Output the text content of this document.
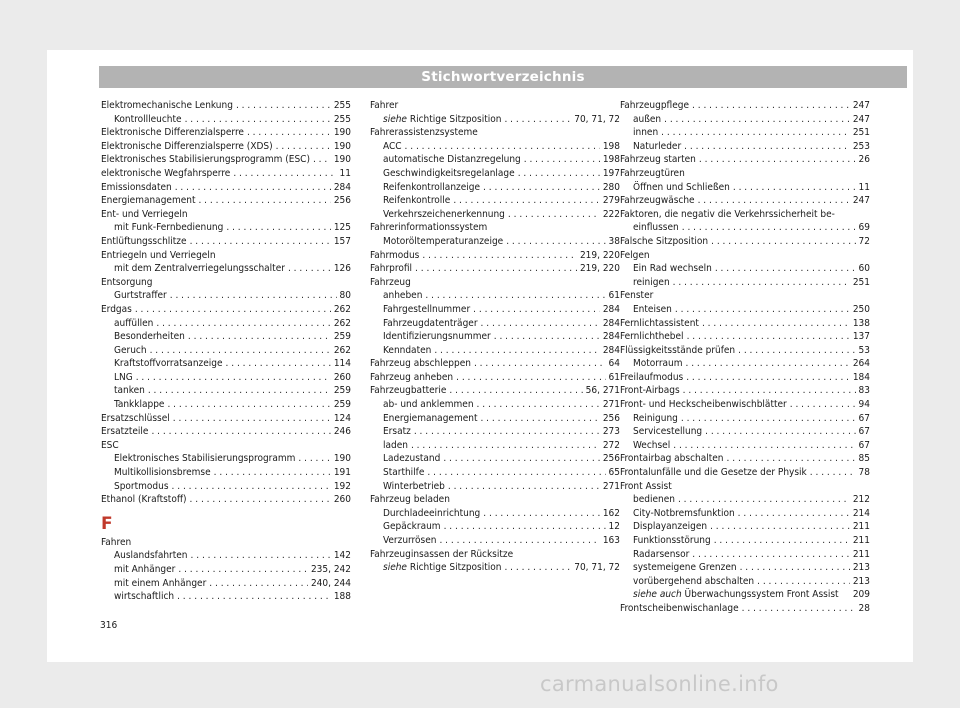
Stichwortverzeichnis
Elektromechanische Lenkung . . .	255
Kontrollleuchte . . .	255
Elektronische Differenzialsperre . . .	190
Elektronische Differenzialsperre (XDS) . . .	190
Elektronisches Stabilisierungsprogramm (ESC) . . . 190
elektronische Wegfahrsperre . . .	11
Emissionsdaten . . .	284
Energiemanagement . . .	256
Ent- und Verriegeln
mit Funk-Fernbedienung . . .	125
Entlüftungsschlitze . . .	157
Entriegeln und Verriegeln
mit dem Zentralverriegelungsschalter . . .	126
Entsorgung
Gurtstraffer . . .	80
Erdgas . . .	262
auffüllen . . .	262
Besonderheiten . . .	259
Geruch . . .	262
Kraftstoffvorratsanzeige . . .	114
LNG . . .	260
tanken . . .	259
Tankklappe . . .	259
Ersatzschlüssel . . .	124
Ersatzteile . . .	246
ESC
Elektronisches Stabilisierungsprogramm . . .	190
Multikollisionsbremse . . .	191
Sportmodus . . .	192
Ethanol (Kraftstoff) . . .	260
F
Fahren
Auslandsfahrten . . .	142
mit Anhänger . . .	235, 242
mit einem Anhänger . . .	240, 244
wirtschaftlich . . .	188
Fahrer
siehe Richtige Sitzposition . . .	70, 71, 72
Fahrerassistenzsysteme
ACC . . .	198
automatische Distanzregelung . . .	198
Geschwindigkeitsregelanlage . . .	197
Reifenkontrollanzeige . . .	280
Reifenkontrolle . . .	279
Verkehrszeichenerkennung . . .	222
Fahrerinformationssystem
Motoröltemperaturanzeige . . .	38
Fahrmodus . . .	219, 220
Fahrprofil . . .	219, 220
Fahrzeug
anheben . . .	61
Fahrgestellnummer . . .	284
Fahrzeugdatenträger . . .	284
Identifizierungsnummer . . .	284
Kenndaten . . .	284
Fahrzeug abschleppen . . .	64
Fahrzeug anheben . . .	61
Fahrzeugbatterie . . .	56, 271
ab- und anklemmen . . .	271
Energiemanagement . . .	256
Ersatz . . .	273
laden . . .	272
Ladezustand . . .	256
Starthilfe . . .	65
Winterbetrieb . . .	271
Fahrzeug beladen
Durchladeeinrichtung . . .	162
Gepäckraum . . .	12
Verzurrösen . . .	163
Fahrzeuginsassen der Rücksitze
siehe Richtige Sitzposition . . .	70, 71, 72
Fahrzeugpflege . . .	247
außen . . .	247
innen . . .	251
Naturleder . . .	253
Fahrzeug starten . . .	26
Fahrzeugtüren
Öffnen und Schließen . . .	11
Fahrzeugwäsche . . .	247
Faktoren, die negativ die Verkehrssicherheit be-
einflussen . . .	69
Falsche Sitzposition . . .	72
Felgen
Ein Rad wechseln . . .	60
reinigen . . .	251
Fenster
Enteisen . . .	250
Fernlichtassistent . . .	138
Fernlichthebel . . .	137
Flüssigkeitsstände prüfen . . .	53
Motorraum . . .	264
Freilaufmodus . . .	184
Front-Airbags . . .	83
Front- und Heckscheibenwischblätter . . .	94
Reinigung . . .	67
Servicestellung . . .	67
Wechsel . . .	67
Frontairbag abschalten . . .	85
Frontalunfälle und die Gesetze der Physik . . .	78
Front Assist
bedienen . . .	212
City-Notbremsfunktion . . .	214
Displayanzeigen . . .	211
Funktionsstörung . . .	211
Radarsensor . . .	211
systemeigene Grenzen . . .	213
vorübergehend abschalten . . .	213
siehe auch Überwachungssystem Front Assist 209
Frontscheibenwischanlage . . .	28
316
carmanualsonline.info
